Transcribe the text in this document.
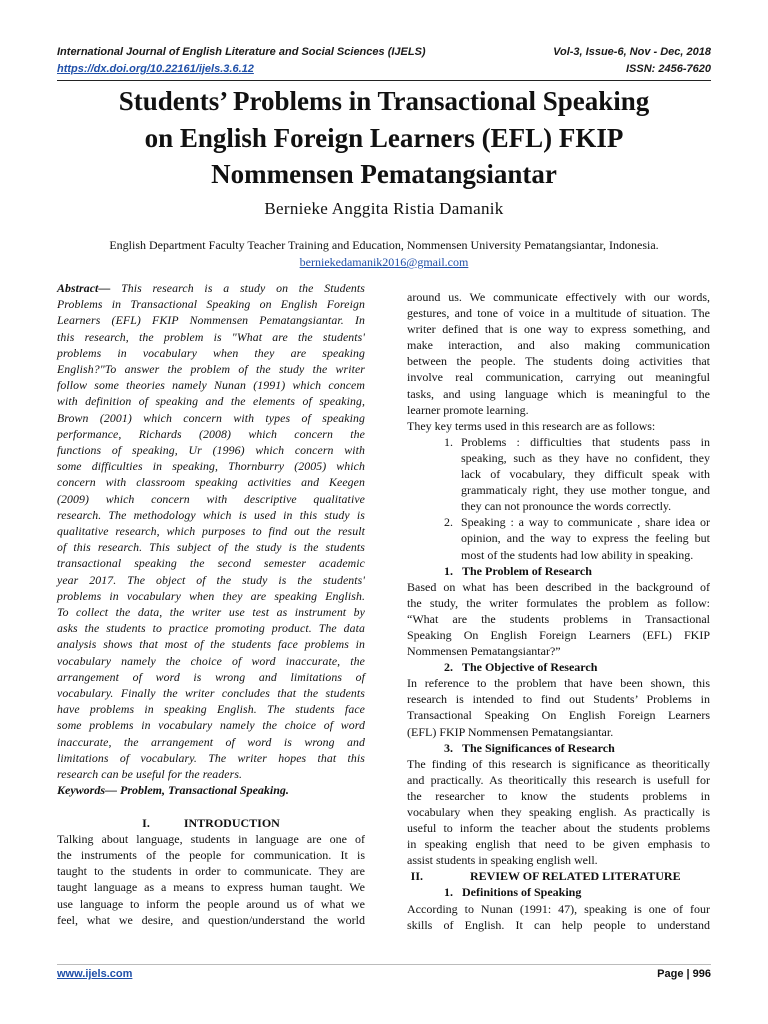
International Journal of English Literature and Social Sciences (IJELS)	Vol-3, Issue-6, Nov - Dec, 2018
https://dx.doi.org/10.22161/ijels.3.6.12	ISSN: 2456-7620
Students’ Problems in Transactional Speaking
on English Foreign Learners (EFL) FKIP
Nommensen Pematangsiantar
Bernieke Anggita Ristia Damanik
English Department Faculty Teacher Training and Education, Nommensen University Pematangsiantar, Indonesia.
berniekedamanik2016@gmail.com
Abstract— This research is a study on the Students
Problems in Transactional Speaking on English Foreign
Learners (EFL) FKIP Nommensen Pematangsiantar. In
this research, the problem is "What are the students'
problems in vocabulary when they are speaking
English?"To answer the problem of the study the writer
follow some theories namely Nunan (1991) which concem
with definition of speaking and the elements of speaking,
Brown (2001) which concern with types of speaking
performance, Richards (2008) which concern the
functions of speaking, Ur (1996) which concern with
some difficulties in speaking, Thornburry (2005) which
concern with classroom speaking activities and Keegen
(2009) which concern with descriptive qualitative
research. The methodology which is used in this study is
qualitative research, which purposes to find out the result
of this research. This subject of the study is the students
transactional speaking the second semester academic
year 2017. The object of the study is the students'
problems in vocabulary when they are speaking English.
To collect the data, the writer use test as instrument by
asks the students to practice promoting product. The data
analysis shows that most of the students face problems in
vocabulary namely the choice of word inaccurate, the
arrangement of word is wrong and limitations of
vocabulary. Finally the writer concludes that the students
have problems in speaking English. The students face
some problems in vocabulary namely the choice of word
inaccurate, the arrangement of word is wrong and
limitations of vocabulary. The writer hopes that this
research can be useful for the readers.
Keywords— Problem, Transactional Speaking.
I.	INTRODUCTION
Talking about language, students in language are one of
the instruments of the people for communication. It is
taught to the students in order to communicate. They are
taught language as a means to express human taught. We
use language to inform the people around us of what we
feel, what we desire, and question/understand the world
around us. We communicate effectively with our words,
gestures, and tone of voice in a multitude of situation. The
writer defined that is one way to express something, and
make interaction, and also making communication
between the people. The students doing activities that
involve real communication, carrying out meaningful
tasks, and using language which is meaningful to the
learner promote learning.
They key terms used in this research are as follows:
1. Problems : difficulties that students pass in
speaking, such as they have no confident, they
lack of vocabulary, they difficult speak with
grammaticaly right, they use mother tongue, and
they can not pronounce the words correctly.
2. Speaking : a way to communicate , share idea or
opinion, and the way to express the feeling but
most of the students had low ability in speaking.
1. The Problem of Research
Based on what has been described in the background of
the study, the writer formulates the problem as follow:
“What are the students problems in Transactional
Speaking On English Foreign Learners (EFL) FKIP
Nommensen Pematangsiantar?”
2. The Objective of Research
In reference to the problem that have been shown, this
research is intended to find out Students’ Problems in
Transactional Speaking On English Foreign Learners
(EFL) FKIP Nommensen Pematangsiantar.
3. The Significances of Research
The finding of this research is significance as theoritically
and practically. As theoritically this research is usefull for
the researcher to know the students problems in
vocabulary when they speaking english. As practically is
useful to inform the teacher about the students problems
in speaking english that need to be given emphasis to
assist students in speaking english well.
II.	REVIEW OF RELATED LITERATURE
1. Definitions of Speaking
According to Nunan (1991: 47), speaking is one of four
skills of English. It can help people to understand
www.ijels.com	Page | 996
